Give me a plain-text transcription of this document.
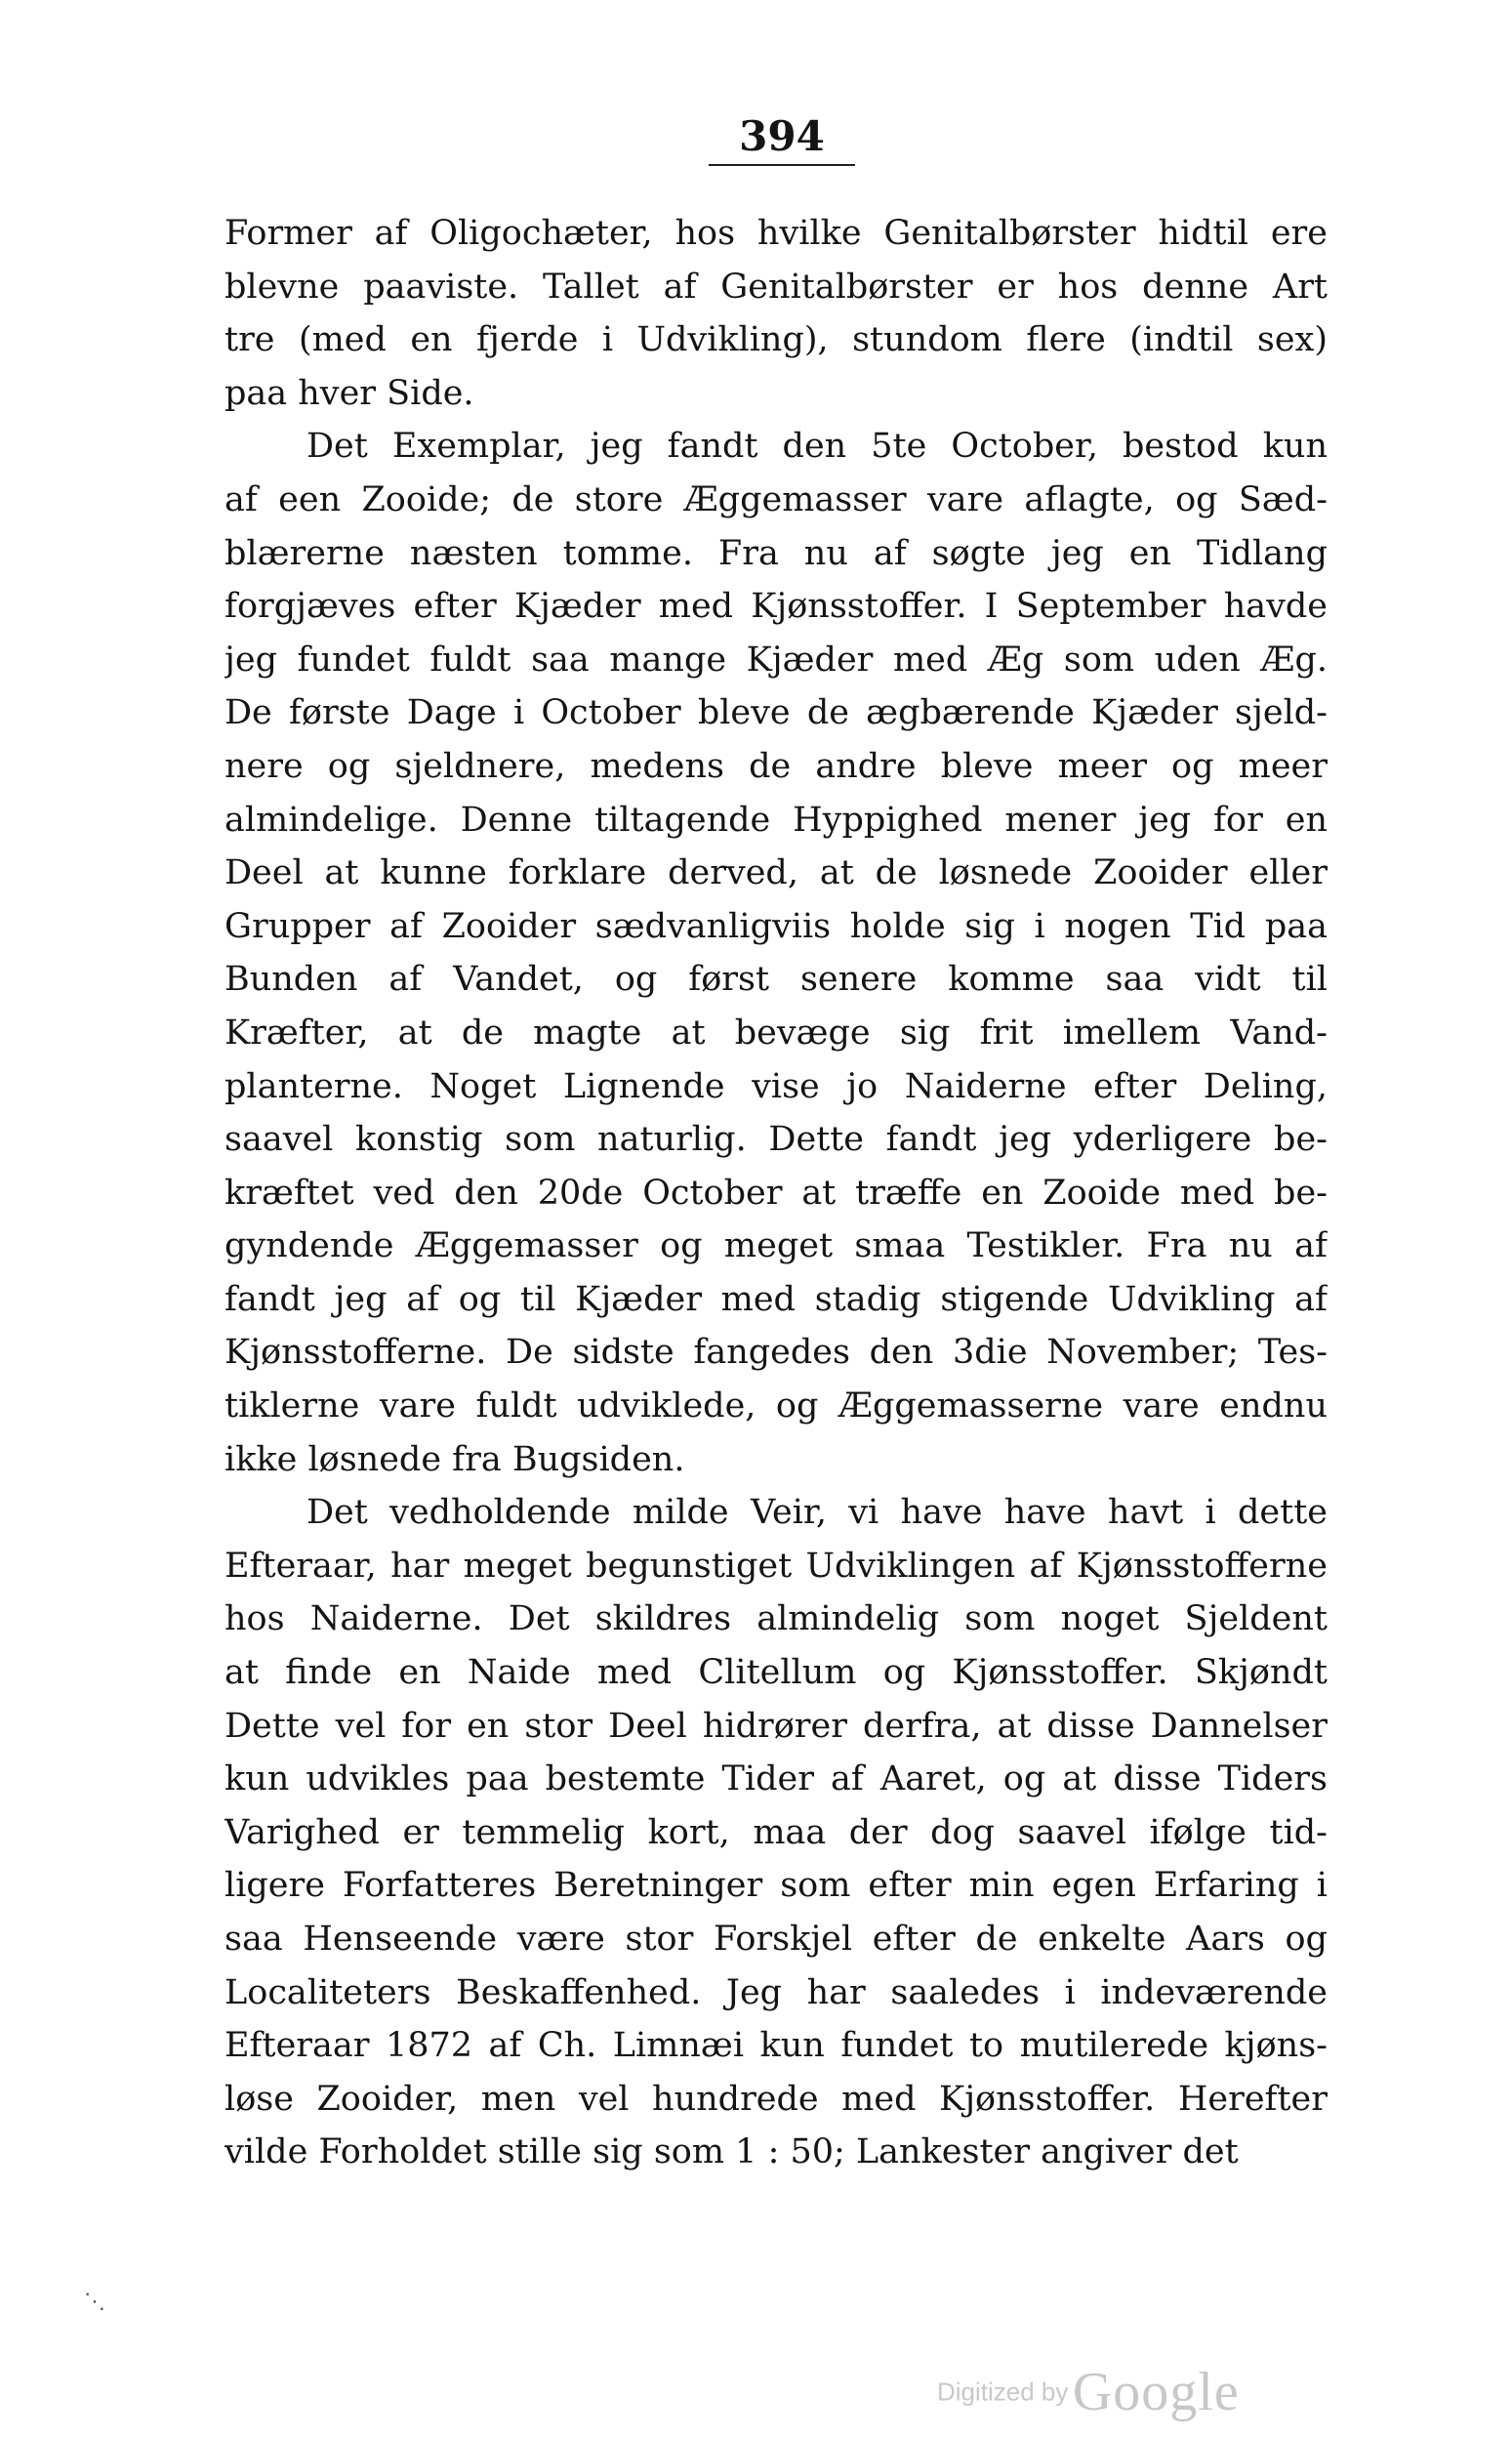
394
Former af Oligochæter, hos hvilke Genitalbørster hidtil ere
blevne paaviste. Tallet af Genitalbørster er hos denne Art
tre (med en fjerde i Udvikling), stundom flere (indtil sex)
paa hver Side.
Det Exemplar, jeg fandt den 5te October, bestod kun
af een Zooide; de store Æggemasser vare aflagte, og Sæd-
blærerne næsten tomme. Fra nu af søgte jeg en Tidlang
forgjæves efter Kjæder med Kjønsstoffer. I September havde
jeg fundet fuldt saa mange Kjæder med Æg som uden Æg.
De første Dage i October bleve de ægbærende Kjæder sjeld-
nere og sjeldnere, medens de andre bleve meer og meer
almindelige. Denne tiltagende Hyppighed mener jeg for en
Deel at kunne forklare derved, at de løsnede Zooider eller
Grupper af Zooider sædvanligviis holde sig i nogen Tid paa
Bunden af Vandet, og først senere komme saa vidt til
Kræfter, at de magte at bevæge sig frit imellem Vand-
planterne. Noget Lignende vise jo Naiderne efter Deling,
saavel konstig som naturlig. Dette fandt jeg yderligere be-
kræftet ved den 20de October at træffe en Zooide med be-
gyndende Æggemasser og meget smaa Testikler. Fra nu af
fandt jeg af og til Kjæder med stadig stigende Udvikling af
Kjønsstofferne. De sidste fangedes den 3die November; Tes-
tiklerne vare fuldt udviklede, og Æggemasserne vare endnu
ikke løsnede fra Bugsiden.
Det vedholdende milde Veir, vi have have havt i dette
Efteraar, har meget begunstiget Udviklingen af Kjønsstofferne
hos Naiderne. Det skildres almindelig som noget Sjeldent
at finde en Naide med Clitellum og Kjønsstoffer. Skjøndt
Dette vel for en stor Deel hidrører derfra, at disse Dannelser
kun udvikles paa bestemte Tider af Aaret, og at disse Tiders
Varighed er temmelig kort, maa der dog saavel ifølge tid-
ligere Forfatteres Beretninger som efter min egen Erfaring i
saa Henseende være stor Forskjel efter de enkelte Aars og
Localiteters Beskaffenhed. Jeg har saaledes i indeværende
Efteraar 1872 af Ch. Limnæi kun fundet to mutilerede kjøns-
løse Zooider, men vel hundrede med Kjønsstoffer. Herefter
vilde Forholdet stille sig som 1 : 50; Lankester angiver det
⋱
Digitized by Google
